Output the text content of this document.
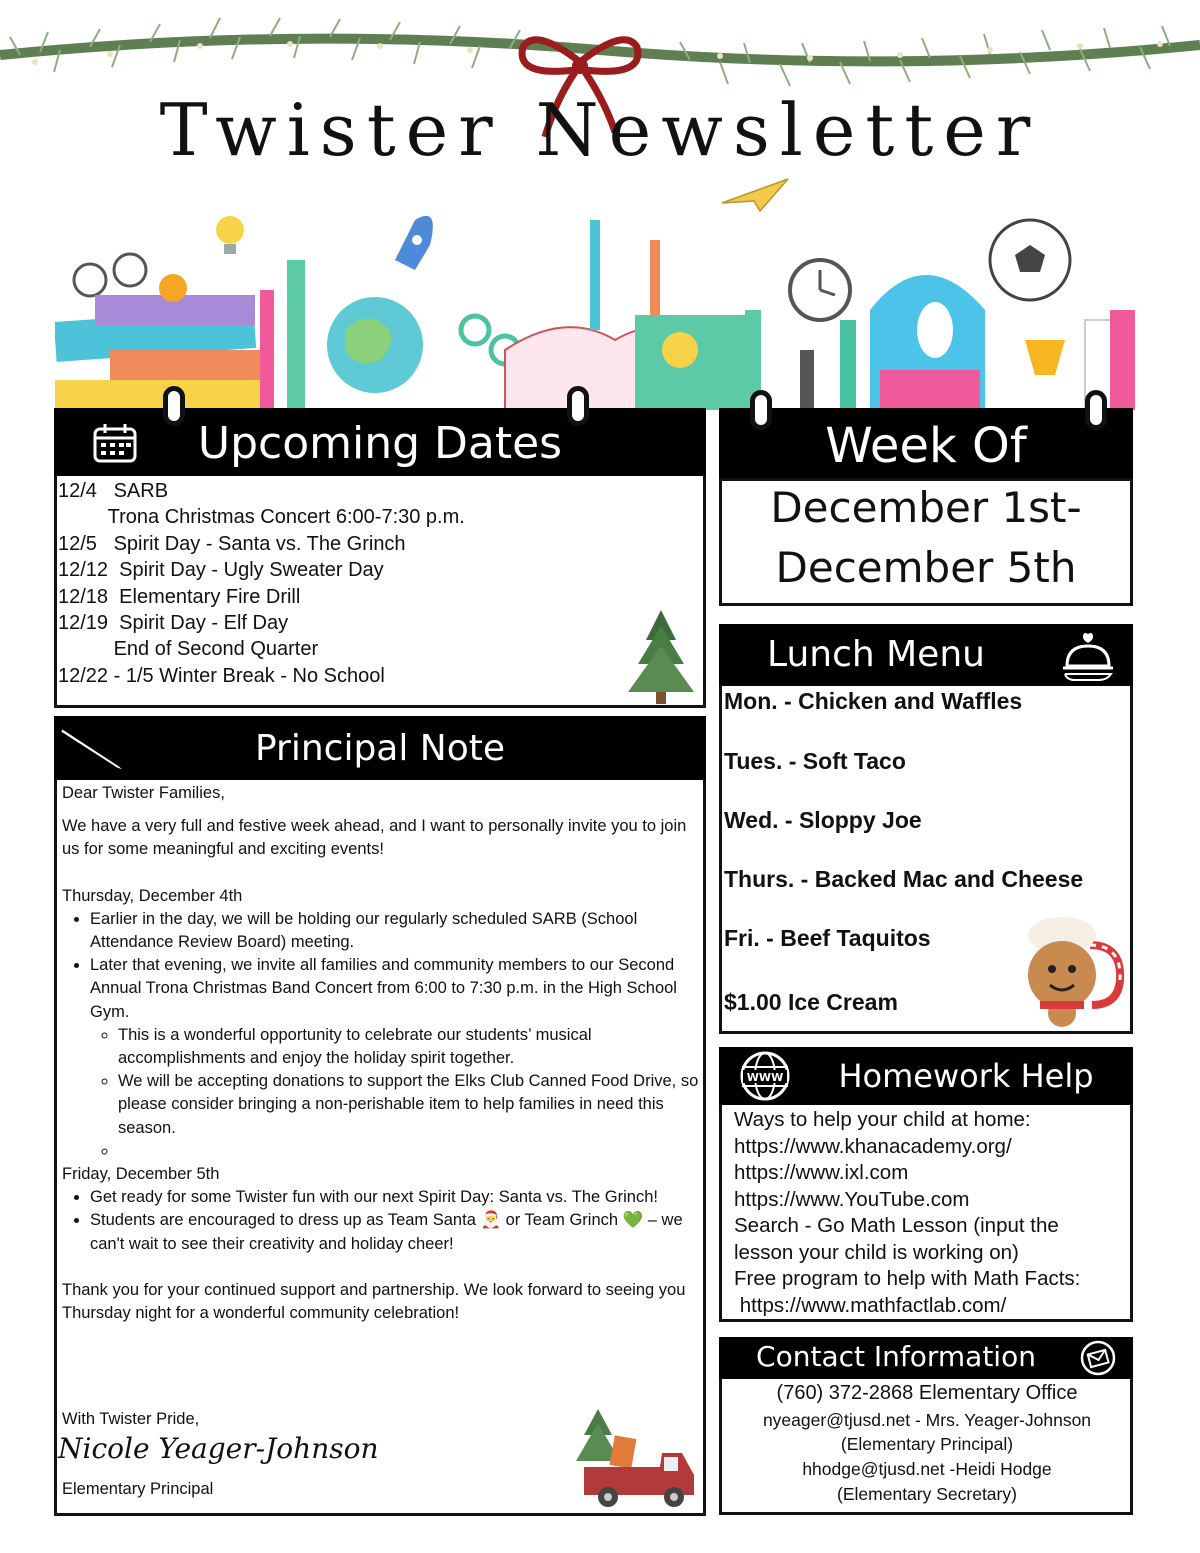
Twister Newsletter
Upcoming Dates
12/4   SARB
Trona Christmas Concert 6:00-7:30 p.m.
12/5   Spirit Day - Santa vs. The Grinch
12/12  Spirit Day - Ugly Sweater Day
12/18  Elementary Fire Drill
12/19  Spirit Day - Elf Day
End of Second Quarter
12/22 - 1/5 Winter Break - No School
Week Of
December 1st-
December 5th
Lunch Menu
Mon. - Chicken and Waffles
Tues. - Soft Taco
Wed. - Sloppy Joe
Thurs. - Backed Mac and Cheese
Fri. - Beef Taquitos
$1.00 Ice Cream
Homework Help
WWW
Ways to help your child at home:
https://www.khanacademy.org/
https://www.ixl.com
https://www.YouTube.com
Search - Go Math Lesson (input the
lesson your child is working on)
Free program to help with Math Facts:
https://www.mathfactlab.com/
Contact Information
(760) 372-2868 Elementary Office
nyeager@tjusd.net - Mrs. Yeager-Johnson
(Elementary Principal)
hhodge@tjusd.net -Heidi Hodge
(Elementary Secretary)
Principal Note

Dear Twister Families,

We have a very full and festive week ahead, and I want to personally invite you to join us for some meaningful and exciting events!

Thursday, December 4th

• Earlier in the day, we will be holding our regularly scheduled SARB (School Attendance Review Board) meeting.
• Later that evening, we invite all families and community members to our Second Annual Trona Christmas Band Concert from 6:00 to 7:30 p.m. in the High School Gym.
◦ This is a wonderful opportunity to celebrate our students’ musical accomplishments and enjoy the holiday spirit together.
◦ We will be accepting donations to support the Elks Club Canned Food Drive, so please consider bringing a non-perishable item to help families in need this season.
◦

Friday, December 5th

• Get ready for some Twister fun with our next Spirit Day: Santa vs. The Grinch!
• Students are encouraged to dress up as Team Santa 🎅 or Team Grinch 💚 – we can't wait to see their creativity and holiday cheer!

Thank you for your continued support and partnership. We look forward to seeing you Thursday night for a wonderful community celebration!

With Twister Pride,
Nicole Yeager-Johnson
Elementary Principal
